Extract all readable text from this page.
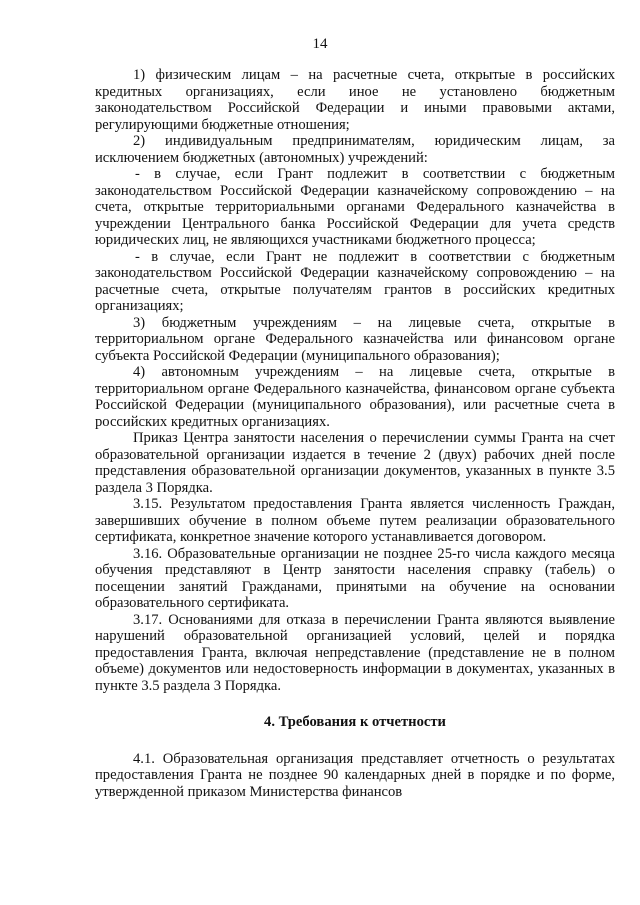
14

1) физическим лицам – на расчетные счета, открытые в российских кредитных организациях, если иное не установлено бюджетным законодательством Российской Федерации и иными правовыми актами, регулирующими бюджетные отношения;

2) индивидуальным предпринимателям, юридическим лицам, за исключением бюджетных (автономных) учреждений:

- в случае, если Грант подлежит в соответствии с бюджетным законодательством Российской Федерации казначейскому сопровождению – на счета, открытые территориальными органами Федерального казначейства в учреждении Центрального банка Российской Федерации для учета средств юридических лиц, не являющихся участниками бюджетного процесса;

- в случае, если Грант не подлежит в соответствии с бюджетным законодательством Российской Федерации казначейскому сопровождению – на расчетные счета, открытые получателям грантов в российских кредитных организациях;

3) бюджетным учреждениям – на лицевые счета, открытые в территориальном органе Федерального казначейства или финансовом органе субъекта Российской Федерации (муниципального образования);

4) автономным учреждениям – на лицевые счета, открытые в территориальном органе Федерального казначейства, финансовом органе субъекта Российской Федерации (муниципального образования), или расчетные счета в российских кредитных организациях.

Приказ Центра занятости населения о перечислении суммы Гранта на счет образовательной организации издается в течение 2 (двух) рабочих дней после представления образовательной организации документов, указанных в пункте 3.5 раздела 3 Порядка.

3.15. Результатом предоставления Гранта является численность Граждан, завершивших обучение в полном объеме путем реализации образовательного сертификата, конкретное значение которого устанавливается договором.

3.16. Образовательные организации не позднее 25-го числа каждого месяца обучения представляют в Центр занятости населения справку (табель) о посещении занятий Гражданами, принятыми на обучение на основании образовательного сертификата.

3.17. Основаниями для отказа в перечислении Гранта являются выявление нарушений образовательной организацией условий, целей и порядка предоставления Гранта, включая непредставление (представление не в полном объеме) документов или недостоверность информации в документах, указанных в пункте 3.5 раздела 3 Порядка.

4. Требования к отчетности

4.1. Образовательная организация представляет отчетность о результатах предоставления Гранта не позднее 90 календарных дней в порядке и по форме, утвержденной приказом Министерства финансов
